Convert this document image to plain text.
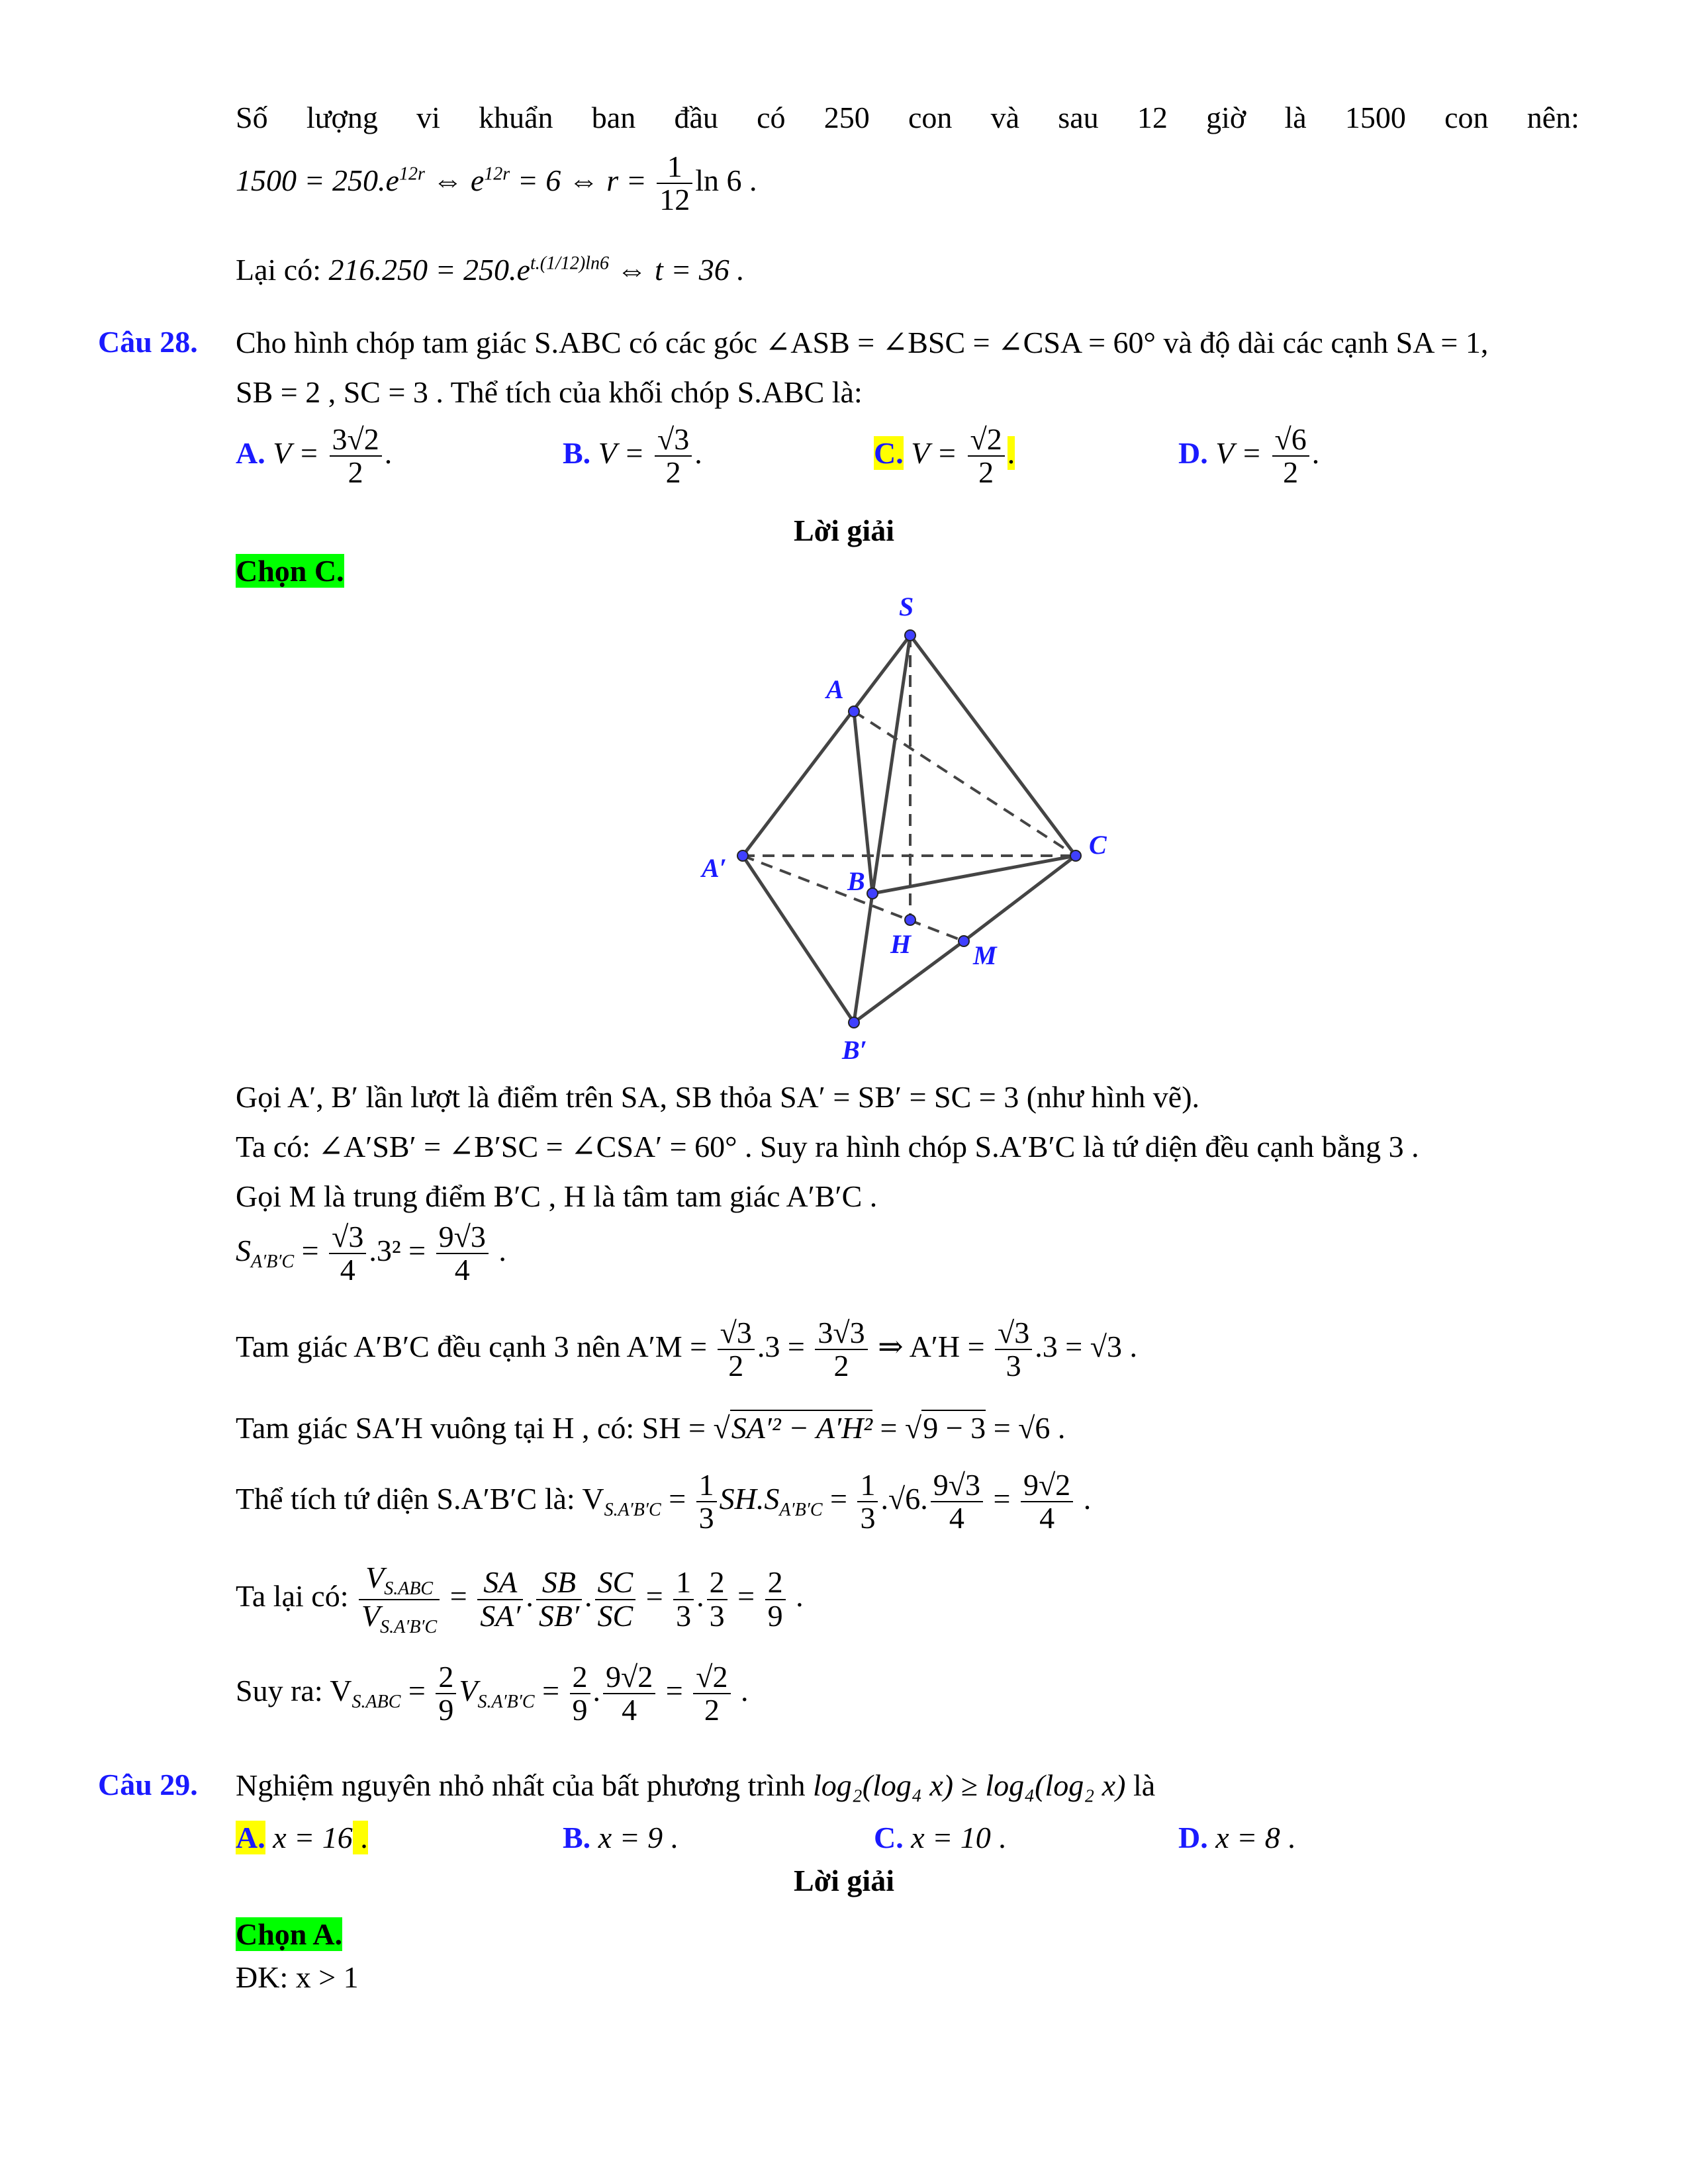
Số lượng vi khuẩn ban đầu có 250 con và sau 12 giờ là 1500 con nên:
$1500 = 250.e^{12r}$ ⇔ $e^{12r} = 6$ ⇔ $r = \frac{1}{12}$ ln 6 .
Lại có: $216.250 = 250.e^{t.(1/12)ln6}$ ⇔ t = 36 .
Câu 28. Cho hình chóp tam giác S.ABC có các góc ∠ASB = ∠BSC = ∠CSA = 60° và độ dài các cạnh SA = 1,
SB = 2 , SC = 3 . Thể tích của khối chóp S.ABC là:
A. $V = \frac{3√2}{2}$ .	B. $V = \frac{√3}{2}$ .	C. $V = \frac{√2}{2}$ .	D. $V = \frac{√6}{2}$ .
Lời giải
Chọn C.
S
A
A′
C
B
H M
B′
Gọi A′, B′ lần lượt là điểm trên SA, SB thỏa SA′ = SB′ = SC = 3 (như hình vẽ).
Ta có: ∠A′SB′ = ∠B′SC = ∠CSA′ = 60° . Suy ra hình chóp S.A′B′C là tứ diện đều cạnh bằng 3 .
Gọi M là trung điểm B′C , H là tâm tam giác A′B′C .
$S_{A'B'C} = \frac{√3}{4} .3^2 = \frac{9√3}{4}$ .
Tam giác A′B′C đều cạnh 3 nên $A'M = \frac{√3}{2} .3 = \frac{3√3}{2}$ ⇒ $A'H = \frac{√3}{3} .3 = √3$ .
Tam giác SA′H vuông tại H , có: SH = √SA′² − A′H² = √9 − 3 = √6 .
Thể tích tứ diện S.A′B′C là: $V_{S.A'B'C} = \frac{1}{3} SH.S_{A'B'C} = \frac{1}{3} .√6$. $\frac{9√3}{4} = \frac{9√2}{4}$ .
Ta lại có: $\frac{V_{S.ABC}}{V_{S.A'B'C}} = \frac{SA}{SA'}$ . $\frac{SB}{SB'}$ . $\frac{SC}{SC} = \frac{1}{3}$ . $\frac{2}{3} = \frac{2}{9}$ .
Suy ra: $V_{S.ABC} = \frac{2}{9} V_{S.A'B'C} = \frac{2}{9}$ . $\frac{9√2}{4} = \frac{√2}{2}$ .
Câu 29. Nghiệm nguyên nhỏ nhất của bất phương trình log₂(log₄ x) ≥ log₄(log₂ x) là
A. x = 16 .	B. x = 9 .	C. x = 10 .	D. x = 8 .
Lời giải
Chọn A.
ĐK: x > 1
